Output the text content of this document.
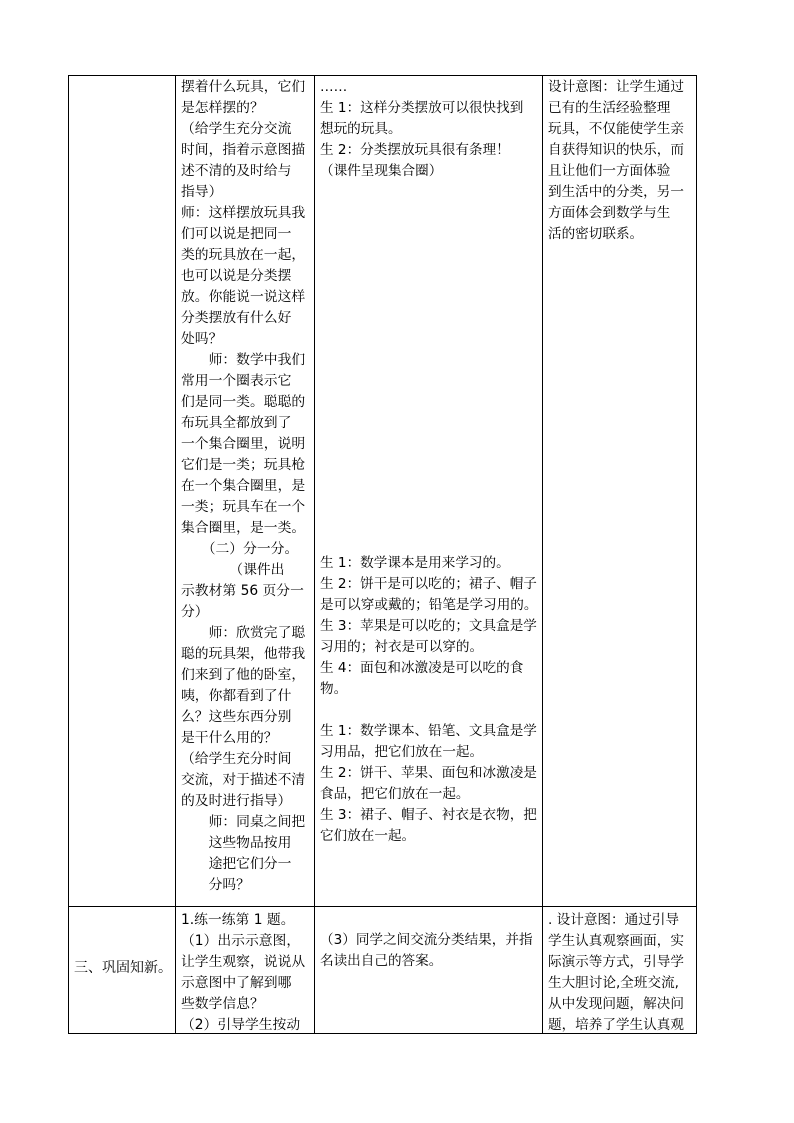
摆着什么玩具，它们
是怎样摆的？
（给学生充分交流
时间，指着示意图描
述不清的及时给与
指导）
师：这样摆放玩具我
们可以说是把同一
类的玩具放在一起，
也可以说是分类摆
放。你能说一说这样
分类摆放有什么好
处吗？
　　师：数学中我们
常用一个圈表示它
们是同一类。聪聪的
布玩具全都放到了
一个集合圈里，说明
它们是一类；玩具枪
在一个集合圈里，是
一类；玩具车在一个
集合圈里，是一类。
　　（二）分一分。
　　　　（课件出
示教材第 56 页分一
分）
　　师：欣赏完了聪
聪的玩具架，他带我
们来到了他的卧室，
咦，你都看到了什
么？这些东西分别
是干什么用的？
（给学生充分时间
交流，对于描述不清
的及时进行指导）
　　师：同桌之间把
　　这些物品按用
　　途把它们分一
　　分吗？
……
生 1：这样分类摆放可以很快找到
想玩的玩具。
生 2：分类摆放玩具很有条理！
（课件呈现集合圈）
生 1：数学课本是用来学习的。
生 2：饼干是可以吃的；裙子、帽子
是可以穿或戴的；铅笔是学习用的。
生 3：苹果是可以吃的；文具盒是学
习用的；衬衣是可以穿的。
生 4：面包和冰激凌是可以吃的食
物。
生 1：数学课本、铅笔、文具盒是学
习用品，把它们放在一起。
生 2：饼干、苹果、面包和冰激凌是
食品，把它们放在一起。
生 3：裙子、帽子、衬衣是衣物，把
它们放在一起。
设计意图：让学生通过
已有的生活经验整理
玩具，不仅能使学生亲
自获得知识的快乐，而
且让他们一方面体验
到生活中的分类，另一
方面体会到数学与生
活的密切联系。
三、巩固知新。
1.练一练第 1 题。
（1）出示示意图，
让学生观察，说说从
示意图中了解到哪
些数学信息？
（2）引导学生按动
（3）同学之间交流分类结果，并指
名读出自己的答案。
. 设计意图：通过引导
学生认真观察画面，实
际演示等方式，引导学
生大胆讨论,全班交流,
从中发现问题，解决问
题，培养了学生认真观
